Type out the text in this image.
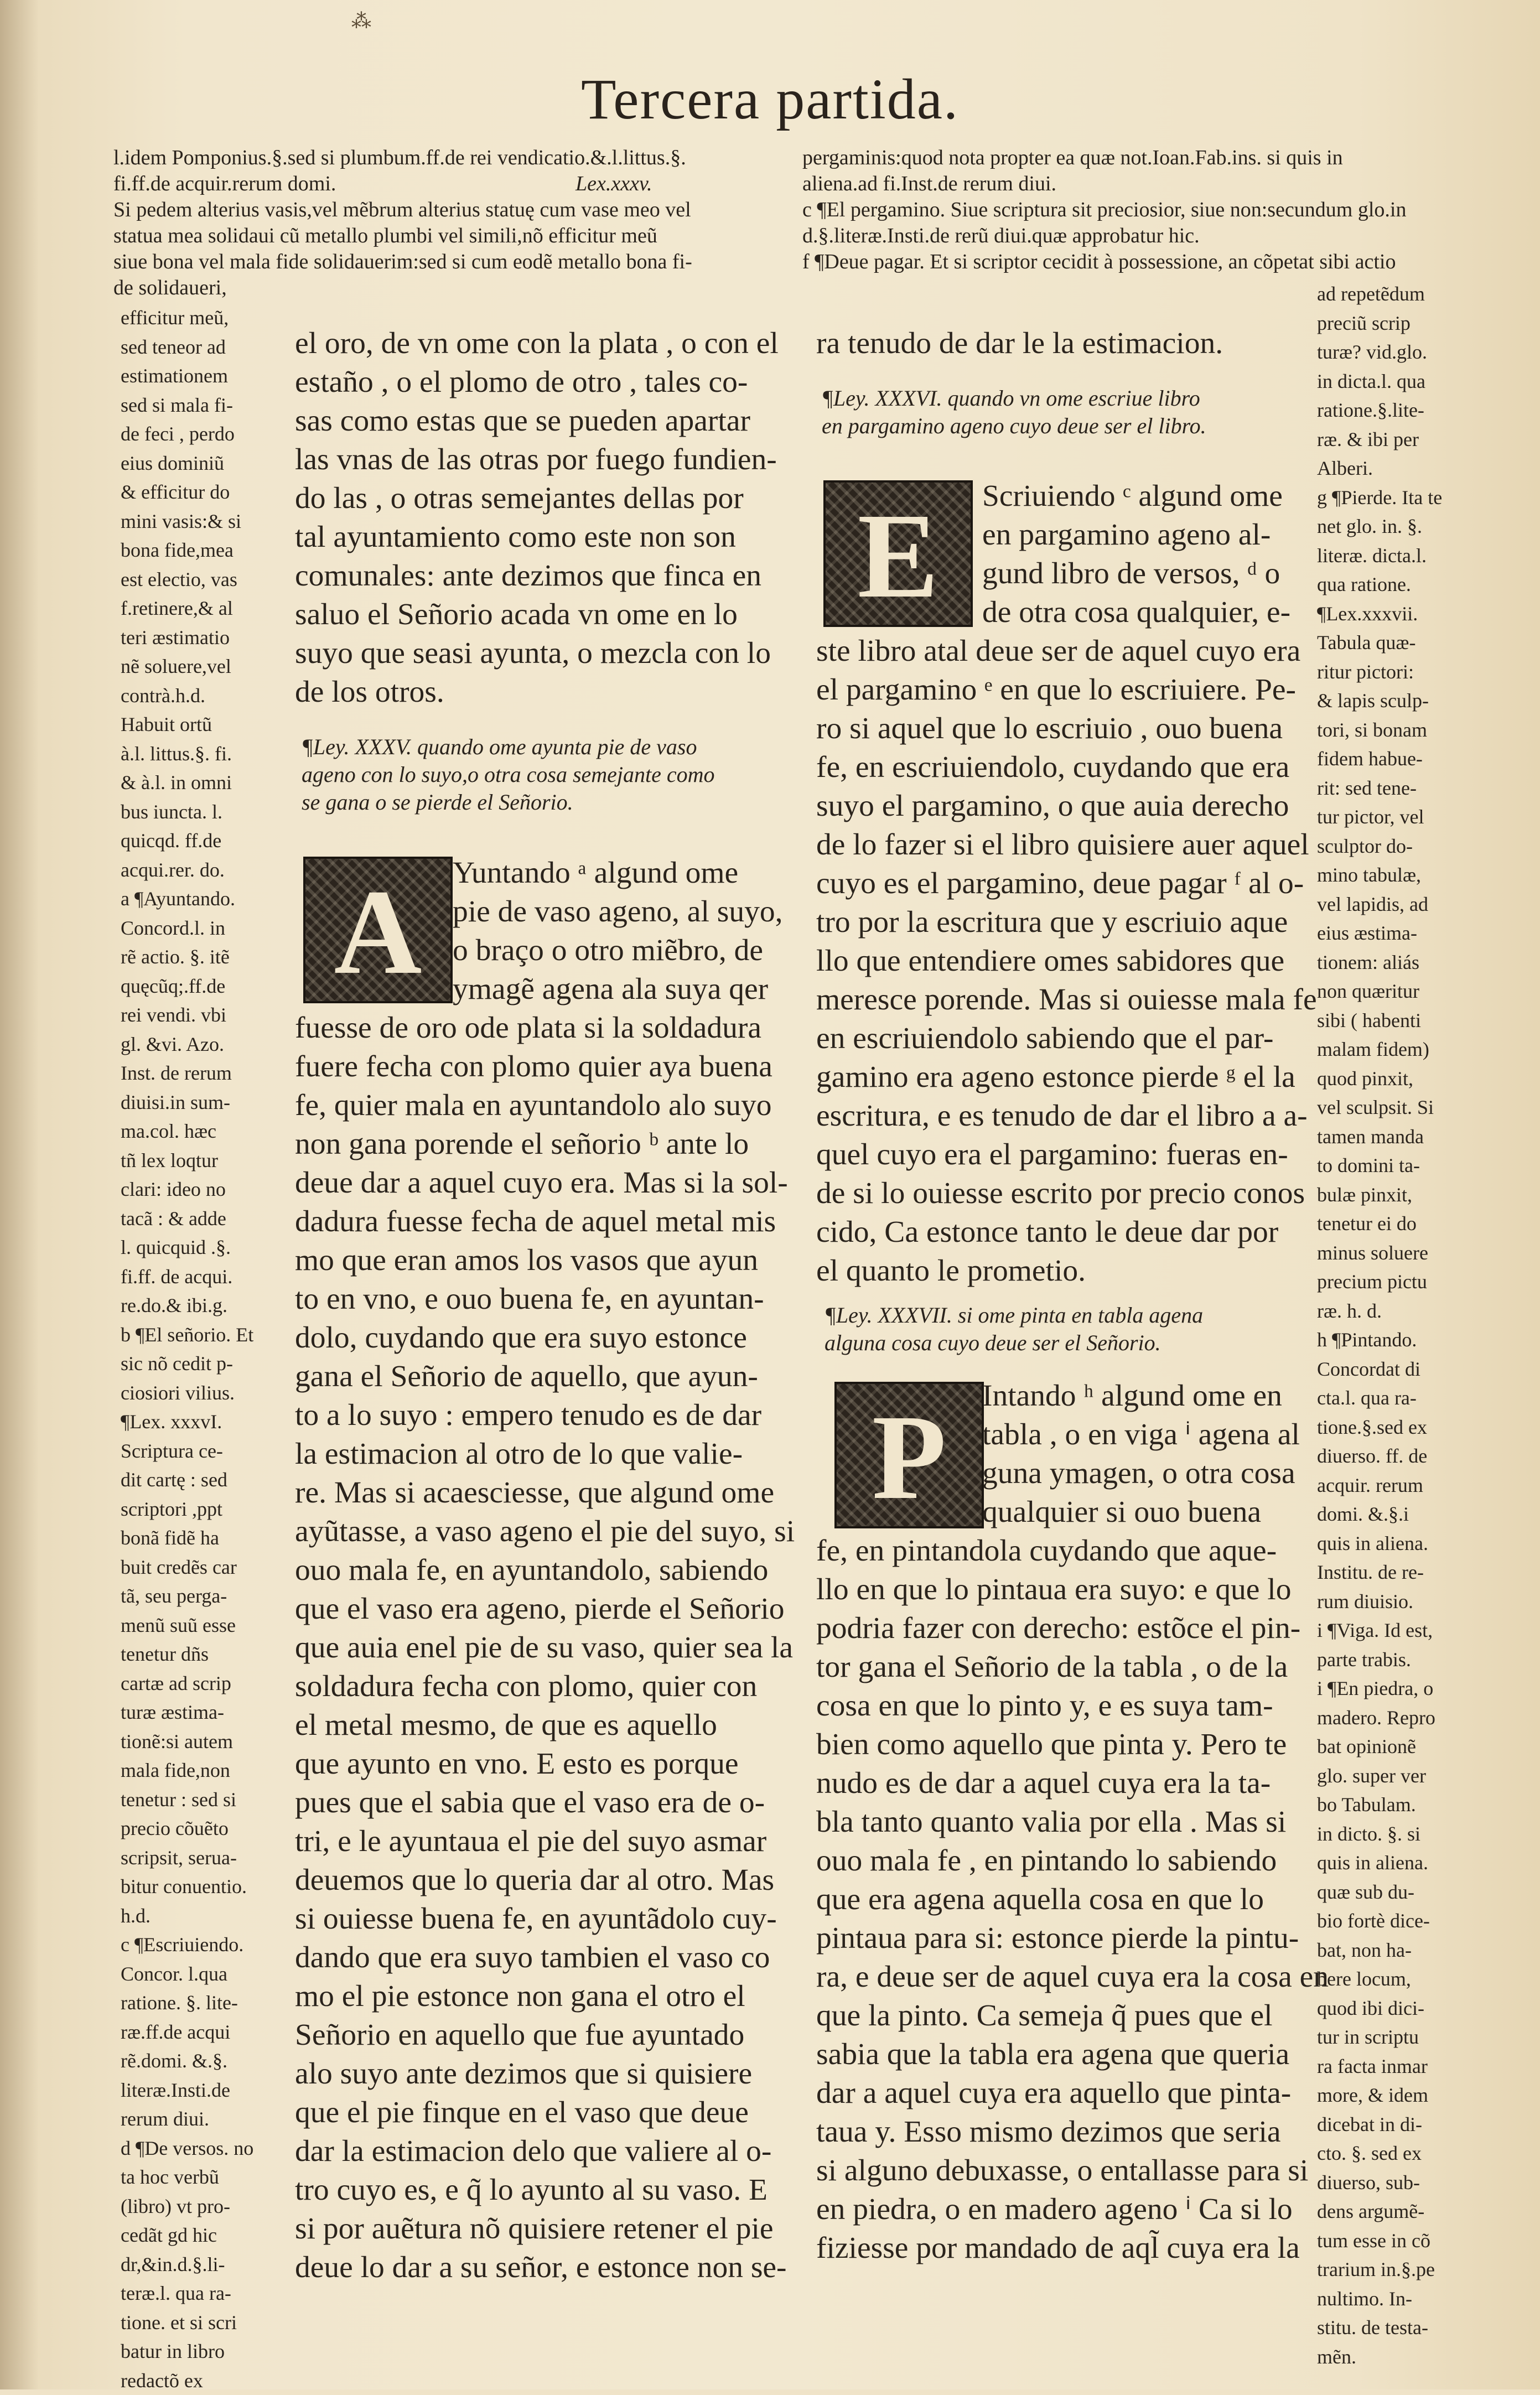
⁂
Tercera partida.
l.idem Pomponius.§.sed si plumbum.ff.de rei vendicatio.&.l.littus.§.
fi.ff.de acquir.rerum domi.
Si pedem alterius vasis,vel mẽbrum alterius statuę cum vase meo vel
statua mea solidaui cũ metallo plumbi vel simili,nõ efficitur meũ
siue bona vel mala fide solidauerim:sed si cum eodẽ metallo bona fi-
de solidaueri,
Lex.xxxv.
efficitur meũ,
sed teneor ad
estimationem
sed si mala fi-
de feci , perdo
eius dominiũ
& efficitur do
mini vasis:& si
bona fide,mea
est electio, vas
f.retinere,& al
teri æstimatio
nẽ soluere,vel
contrà.h.d.
Habuit ortũ
à.l. littus.§. fi.
& à.l. in omni
bus iuncta. l.
quicqd. ff.de
acqui.rer. do.
a ¶Ayuntando.
Concord.l. in
rẽ actio. §. itẽ
quęcũq;.ff.de
rei vendi. vbi
gl. &vi. Azo.
Inst. de rerum
diuisi.in sum-
ma.col. hæc
tñ lex loqtur
clari: ideo no
tacã : & adde
l. quicquid .§.
fi.ff. de acqui.
re.do.& ibi.g.
b ¶El señorio. Et
sic nõ cedit p-
ciosiori vilius.
¶Lex. xxxvI.
Scriptura ce-
dit cartę : sed
scriptori ,ppt
bonã fidẽ ha
buit credẽs car
tã, seu perga-
menũ suũ esse
tenetur dñs
cartæ ad scrip
turæ æstima-
tionẽ:si autem
mala fide,non
tenetur : sed si
precio cõuẽto
scripsit, serua-
bitur conuentio. h.d.
c ¶Escriuiendo.
Concor. l.qua
ratione. §. lite-
ræ.ff.de acqui
rẽ.domi. &.§.
literæ.Insti.de
rerum diui.
d ¶De versos. no
ta hoc verbũ
(libro) vt pro-
cedãt gd hic
dr,&in.d.§.li-
teræ.l. qua ra-
tione. et si scri
batur in libro
redactõ ex
el oro, de vn ome con la plata , o con el
estaño , o el plomo de otro , tales co-
sas como estas que se pueden apartar
las vnas de las otras por fuego fundien-
do las , o otras semejantes dellas por
tal ayuntamiento como este non son
comunales: ante dezimos que finca en
saluo el Señorio acada vn ome en lo
suyo que seasi ayunta, o mezcla con lo
de los otros.
¶Ley. XXXV. quando ome ayunta pie de vaso
ageno con lo suyo,o otra cosa semejante como
se gana o se pierde el Señorio.
A	Yuntando ᵃ algund ome
pie de vaso ageno, al suyo,
o braço o otro miẽbro, de
ymagẽ agena ala suya qer
fuesse de oro ode plata si la soldadura
fuere fecha con plomo quier aya buena
fe, quier mala en ayuntandolo alo suyo
non gana porende el señorio ᵇ ante lo
deue dar a aquel cuyo era. Mas si la sol-
dadura fuesse fecha de aquel metal mis
mo que eran amos los vasos que ayun
to en vno, e ouo buena fe, en ayuntan-
dolo, cuydando que era suyo estonce
gana el Señorio de aquello, que ayun-
to a lo suyo : empero tenudo es de dar
la estimacion al otro de lo que valie-
re. Mas si acaesciesse, que algund ome
ayũtasse, a vaso ageno el pie del suyo, si
ouo mala fe, en ayuntandolo, sabiendo
que el vaso era ageno, pierde el Señorio
que auia enel pie de su vaso, quier sea la
soldadura fecha con plomo, quier con
el metal mesmo, de que es aquello
que ayunto en vno. E esto es porque
pues que el sabia que el vaso era de o-
tri, e le ayuntaua el pie del suyo asmar
deuemos que lo queria dar al otro. Mas
si ouiesse buena fe, en ayuntãdolo cuy-
dando que era suyo tambien el vaso co
mo el pie estonce non gana el otro el
Señorio en aquello que fue ayuntado
alo suyo ante dezimos que si quisiere
que el pie finque en el vaso que deue
dar la estimacion delo que valiere al o-
tro cuyo es, e q̃ lo ayunto al su vaso. E
si por auẽtura nõ quisiere retener el pie
deue lo dar a su señor, e estonce non se-
pergaminis:quod nota propter ea quæ not.Ioan.Fab.ins. si quis in
aliena.ad fi.Inst.de rerum diui.
c ¶El pergamino. Siue scriptura sit preciosior, siue non:secundum glo.in
d.§.literæ.Insti.de rerũ diui.quæ approbatur hic.
f ¶Deue pagar. Et si scriptor cecidit à possessione, an cõpetat sibi actio
ra tenudo de dar le la estimacion.
¶Ley. XXXVI. quando vn ome escriue libro
en pargamino ageno cuyo deue ser el libro.
E	Scriuiendo ᶜ algund ome
en pargamino ageno al-
gund libro de versos, ᵈ o
de otra cosa qualquier, e-
ste libro atal deue ser de aquel cuyo era
el pargamino ᵉ en que lo escriuiere. Pe-
ro si aquel que lo escriuio , ouo buena
fe, en escriuiendolo, cuydando que era
suyo el pargamino, o que auia derecho
de lo fazer si el libro quisiere auer aquel
cuyo es el pargamino, deue pagar ᶠ al o-
tro por la escritura que y escriuio aque
llo que entendiere omes sabidores que
meresce porende. Mas si ouiesse mala fe
en escriuiendolo sabiendo que el par-
gamino era ageno estonce pierde ᵍ el la
escritura, e es tenudo de dar el libro a a-
quel cuyo era el pargamino: fueras en-
de si lo ouiesse escrito por precio conos
cido, Ca estonce tanto le deue dar por
el quanto le prometio.
¶Ley. XXXVII. si ome pinta en tabla agena
alguna cosa cuyo deue ser el Señorio.
P	Intando ʰ algund ome en
tabla , o en viga ⁱ agena al
guna ymagen, o otra cosa
qualquier si ouo buena
fe, en pintandola cuydando que aque-
llo en que lo pintaua era suyo: e que lo
podria fazer con derecho: estõce el pin-
tor gana el Señorio de la tabla , o de la
cosa en que lo pinto y, e es suya tam-
bien como aquello que pinta y. Pero te
nudo es de dar a aquel cuya era la ta-
bla tanto quanto valia por ella . Mas si
ouo mala fe , en pintando lo sabiendo
que era agena aquella cosa en que lo
pintaua para si: estonce pierde la pintu-
ra, e deue ser de aquel cuya era la cosa en
que la pinto. Ca semeja q̃ pues que el
sabia que la tabla era agena que queria
dar a aquel cuya era aquello que pinta-
taua y. Esso mismo dezimos que seria
si alguno debuxasse, o entallasse para si
en piedra, o en madero ageno ⁱ Ca si lo
fiziesse por mandado de aql̃ cuya era la
ad repetẽdum
preciũ scrip
turæ? vid.glo.
in dicta.l. qua
ratione.§.lite-
ræ. & ibi per
Alberi.
g ¶Pierde. Ita te
net glo. in. §.
literæ. dicta.l.
qua ratione.
¶Lex.xxxvii.
Tabula quæ-
ritur pictori:
& lapis sculp-
tori, si bonam
fidem habue-
rit: sed tene-
tur pictor, vel
sculptor do-
mino tabulæ,
vel lapidis, ad
eius æstima-
tionem: aliás
non quæritur
sibi ( habenti
malam fidem)
quod pinxit,
vel sculpsit. Si
tamen manda
to domini ta-
bulæ pinxit,
tenetur ei do
minus soluere
precium pictu
ræ. h. d.
h ¶Pintando.
Concordat di
cta.l. qua ra-
tione.§.sed ex
diuerso. ff. de
acquir. rerum
domi. &.§.i
quis in aliena.
Institu. de re-
rum diuisio.
i ¶Viga. Id est,
parte trabis.
i ¶En piedra, o
madero. Repro
bat opinionẽ
glo. super ver
bo Tabulam.
in dicto. §. si
quis in aliena.
quæ sub du-
bio fortè dice-
bat, non ha-
bere locum,
quod ibi dici-
tur in scriptu
ra facta inmar
more, & idem
dicebat in di-
cto. §. sed ex
diuerso, sub-
dens argumẽ-
tum esse in cõ
trarium in.§.pe
nultimo. In-
stitu. de testa-
mẽn.
